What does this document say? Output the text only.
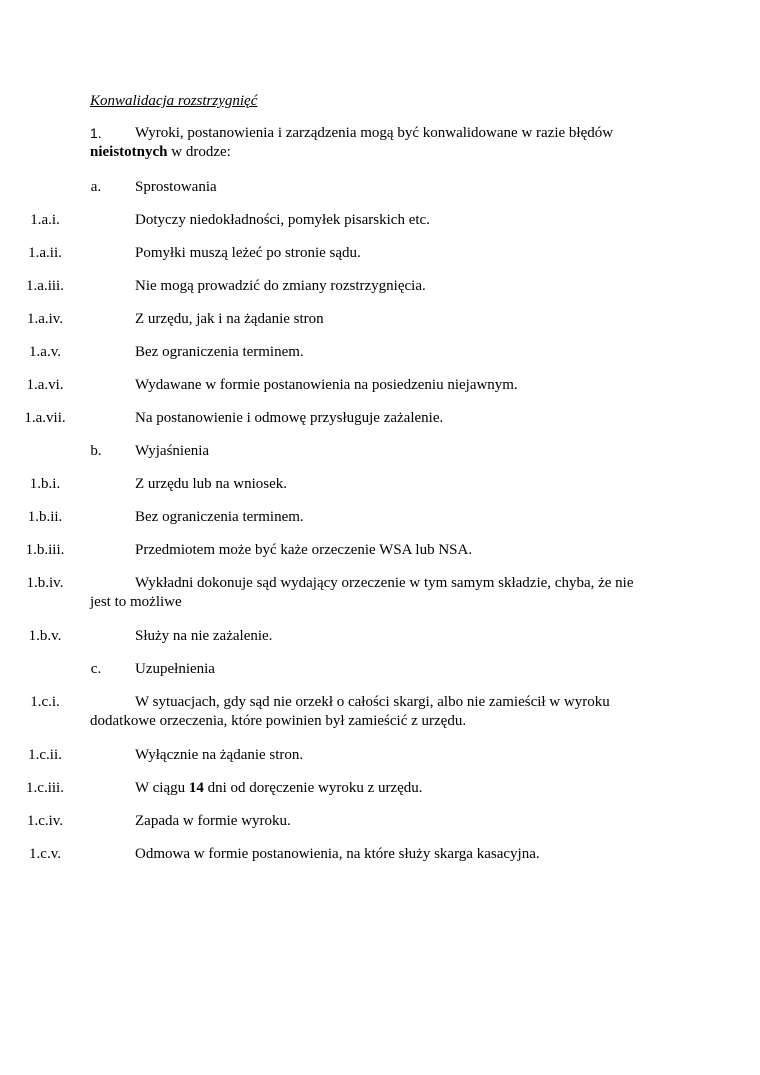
Konwalidacja rozstrzygnięć
1. Wyroki, postanowienia i zarządzenia mogą być konwalidowane w razie błędów
nieistotnych w drodze:
a.	Sprostowania
1.a.i.	Dotyczy niedokładności, pomyłek pisarskich etc.
1.a.ii.	Pomyłki muszą leżeć po stronie sądu.
1.a.iii.	Nie mogą prowadzić do zmiany rozstrzygnięcia.
1.a.iv.	Z urzędu, jak i na żądanie stron
1.a.v.	Bez ograniczenia terminem.
1.a.vi.	Wydawane w formie postanowienia na posiedzeniu niejawnym.
1.a.vii.	Na postanowienie i odmowę przysługuje zażalenie.
b.	Wyjaśnienia
1.b.i.	Z urzędu lub na wniosek.
1.b.ii.	Bez ograniczenia terminem.
1.b.iii.	Przedmiotem może być każe orzeczenie WSA lub NSA.
1.b.iv.	Wykładni dokonuje sąd wydający orzeczenie w tym samym składzie, chyba, że nie
jest to możliwe
1.b.v.	Służy na nie zażalenie.
c.	Uzupełnienia
1.c.i.	W sytuacjach, gdy sąd nie orzekł o całości skargi, albo nie zamieścił w wyroku
dodatkowe orzeczenia, które powinien był zamieścić z urzędu.
1.c.ii.	Wyłącznie na żądanie stron.
1.c.iii.	W ciągu 14 dni od doręczenie wyroku z urzędu.
1.c.iv.	Zapada w formie wyroku.
1.c.v.	Odmowa w formie postanowienia, na które służy skarga kasacyjna.
